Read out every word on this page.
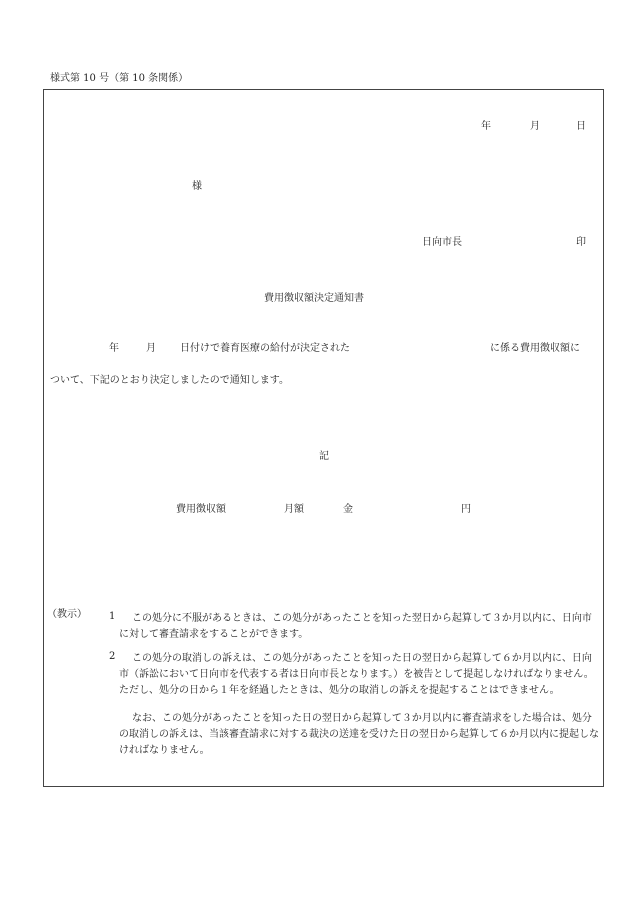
様式第 10 号（第 10 条関係）
年	月	日
様
日向市長	印
費用徴収額決定通知書
年	月 日付けで養育医療の給付が決定された	に係る費用徴収額に
ついて、下記のとおり決定しましたので通知します。
記
費用徴収額	月額	金	円
（教示） 1	この処分に不服があるときは、この処分があったことを知った翌日から起算して３か月以内に、日向市に対して審査請求をすることができます。
2	この処分の取消しの訴えは、この処分があったことを知った日の翌日から起算して６か月以内に、日向市（訴訟において日向市を代表する者は日向市長となります。）を被告として提起しなければなりません。ただし、処分の日から１年を経過したときは、処分の取消しの訴えを提起することはできません。
なお、この処分があったことを知った日の翌日から起算して３か月以内に審査請求をした場合は、処分の取消しの訴えは、当該審査請求に対する裁決の送達を受けた日の翌日から起算して６か月以内に提起しなければなりません。
